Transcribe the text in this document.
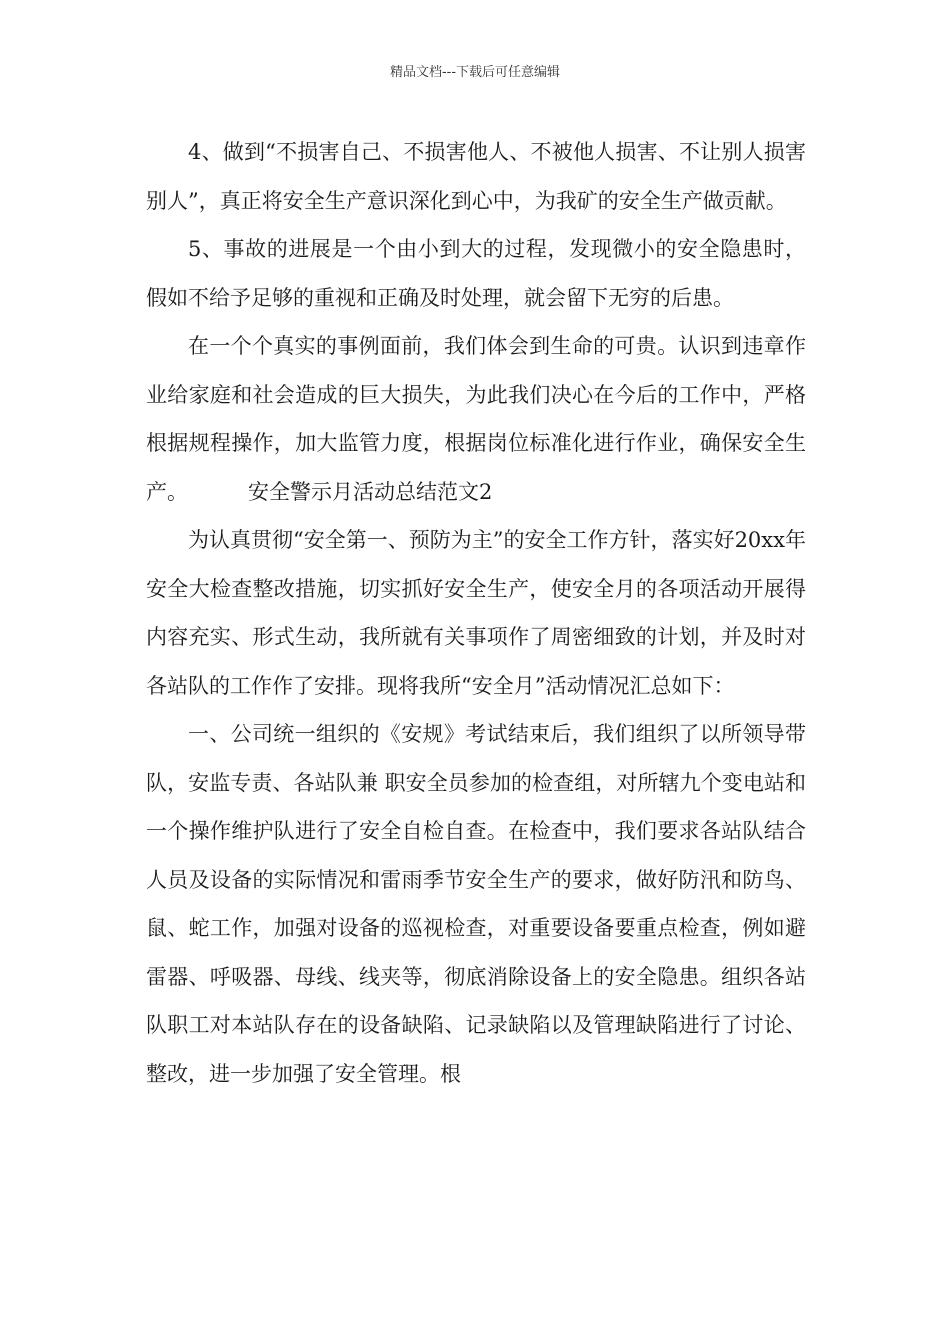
精品文档---下载后可任意编辑

4、做到“不损害自己、不损害他人、不被他人损害、不让别人损害别人”，真正将安全生产意识深化到心中，为我矿的安全生产做贡献。

5、事故的进展是一个由小到大的过程，发现微小的安全隐患时，假如不给予足够的重视和正确及时处理，就会留下无穷的后患。

在一个个真实的事例面前，我们体会到生命的可贵。认识到违章作业给家庭和社会造成的巨大损失，为此我们决心在今后的工作中，严格根据规程操作，加大监管力度，根据岗位标准化进行作业，确保安全生产。	安全警示月活动总结范文2

为认真贯彻“安全第一、预防为主”的安全工作方针，落实好20xx年安全大检查整改措施，切实抓好安全生产，使安全月的各项活动开展得内容充实、形式生动，我所就有关事项作了周密细致的计划，并及时对各站队的工作作了安排。现将我所“安全月”活动情况汇总如下：

一、公司统一组织的《安规》考试结束后，我们组织了以所领导带队，安监专责、各站队兼 职安全员参加的检查组，对所辖九个变电站和一个操作维护队进行了安全自检自查。在检查中，我们要求各站队结合人员及设备的实际情况和雷雨季节安全生产的要求，做好防汛和防鸟、鼠、蛇工作，加强对设备的巡视检查，对重要设备要重点检查，例如避雷器、呼吸器、母线、线夹等，彻底消除设备上的安全隐患。组织各站队职工对本站队存在的设备缺陷、记录缺陷以及管理缺陷进行了讨论、整改，进一步加强了安全管理。根
